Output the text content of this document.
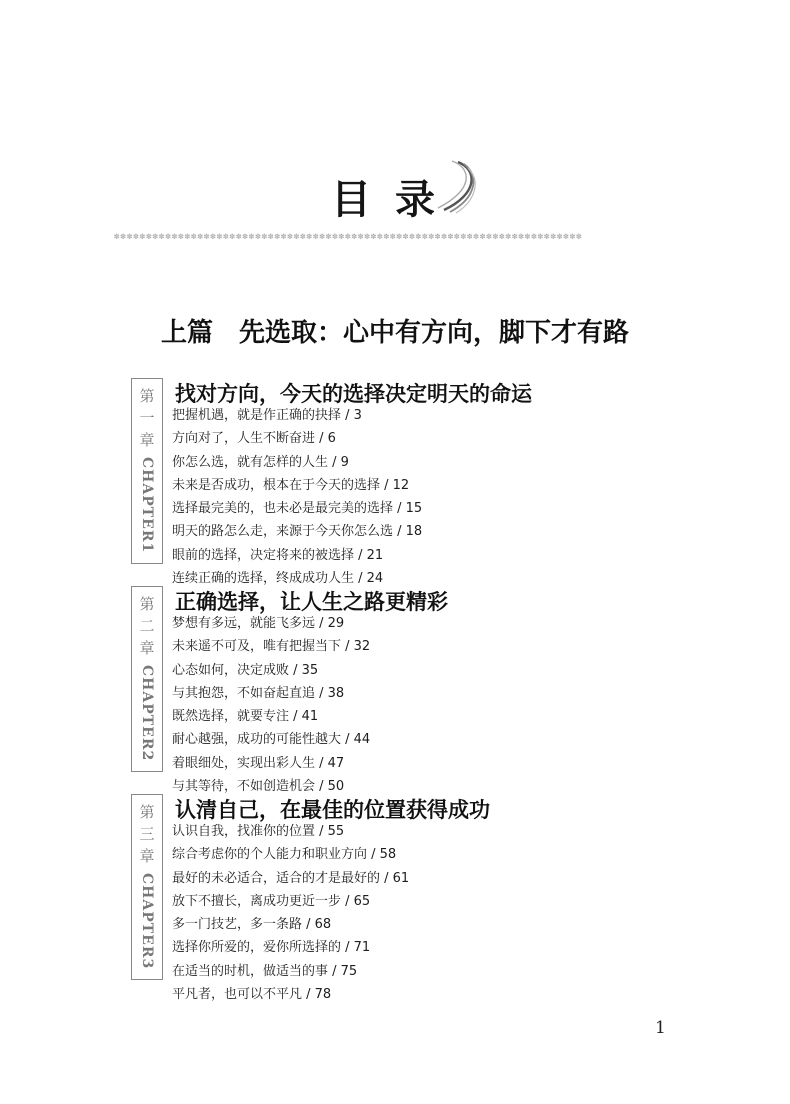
目录
✽✽✽✽✽✽✽✽✽✽✽✽✽✽✽✽✽✽✽✽✽✽✽✽✽✽✽✽✽✽✽✽✽✽✽✽✽✽✽✽✽✽✽✽✽✽✽✽✽✽✽✽✽✽✽✽✽✽✽✽✽✽✽✽✽✽✽✽✽✽✽✽✽
上篇 先选取：心中有方向，脚下才有路
第
一
章
CHAPTER1
找对方向，今天的选择决定明天的命运
把握机遇，就是作正确的抉择 / 3
方向对了，人生不断奋进 / 6
你怎么选，就有怎样的人生 / 9
未来是否成功，根本在于今天的选择 / 12
选择最完美的，也未必是最完美的选择 / 15
明天的路怎么走，来源于今天你怎么选 / 18
眼前的选择，决定将来的被选择 / 21
连续正确的选择，终成成功人生 / 24
第
二
章
CHAPTER2
正确选择，让人生之路更精彩
梦想有多远，就能飞多远 / 29
未来遥不可及，唯有把握当下 / 32
心态如何，决定成败 / 35
与其抱怨，不如奋起直追 / 38
既然选择，就要专注 / 41
耐心越强，成功的可能性越大 / 44
着眼细处，实现出彩人生 / 47
与其等待，不如创造机会 / 50
第
三
章
CHAPTER3
认清自己，在最佳的位置获得成功
认识自我，找准你的位置 / 55
综合考虑你的个人能力和职业方向 / 58
最好的未必适合，适合的才是最好的 / 61
放下不擅长，离成功更近一步 / 65
多一门技艺，多一条路 / 68
选择你所爱的，爱你所选择的 / 71
在适当的时机，做适当的事 / 75
平凡者，也可以不平凡 / 78
1
